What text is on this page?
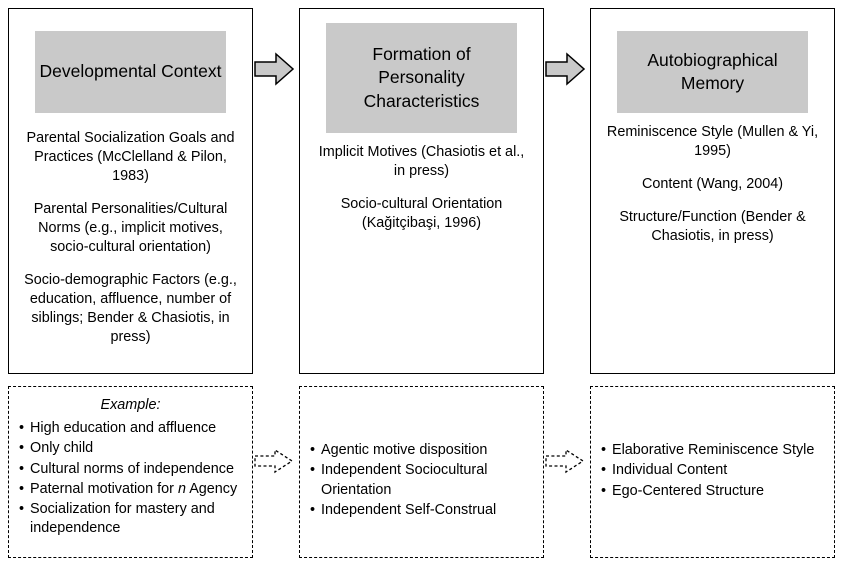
Developmental Context

Parental Socialization Goals and Practices (McClelland & Pilon, 1983)

Parental Personalities/Cultural Norms (e.g., implicit motives, socio-cultural orientation)

Socio-demographic Factors (e.g., education, affluence, number of siblings; Bender & Chasiotis, in press)

Formation of Personality Characteristics

Implicit Motives (Chasiotis et al., in press)

Socio-cultural Orientation (Kağitçibaşi, 1996)

Autobiographical Memory

Reminiscence Style (Mullen & Yi, 1995)

Content (Wang, 2004)

Structure/Function (Bender & Chasiotis, in press)

Example:
• High education and affluence
• Only child
• Cultural norms of independence
• Paternal motivation for n Agency
• Socialization for mastery and independence
• Agentic motive disposition
• Independent Sociocultural Orientation
• Independent Self-Construal
• Elaborative Reminiscence Style
• Individual Content
• Ego-Centered Structure
